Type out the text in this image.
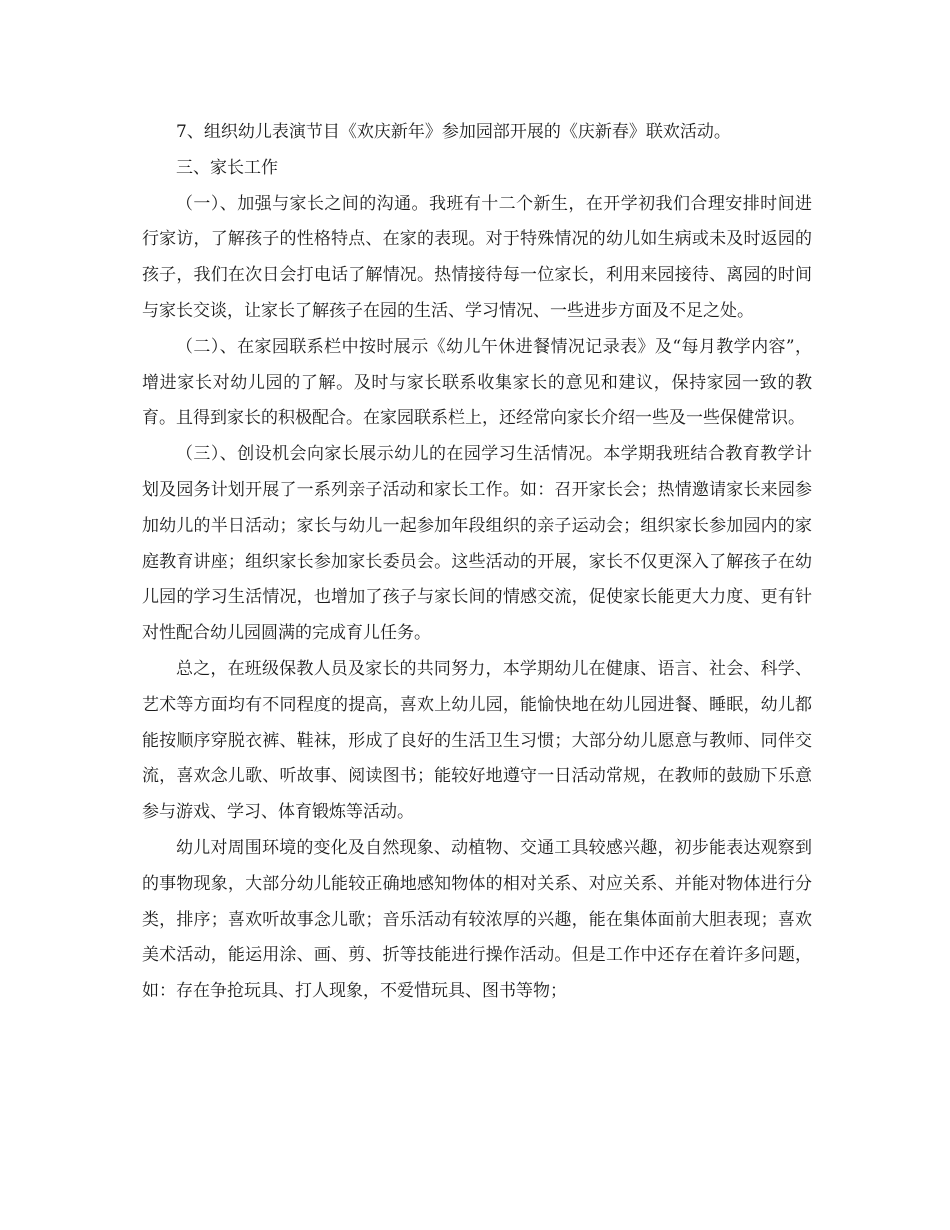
7、组织幼儿表演节目《欢庆新年》参加园部开展的《庆新春》联欢活动。

三、家长工作

（一）、加强与家长之间的沟通。我班有十二个新生，在开学初我们合理安排时间进行家访，了解孩子的性格特点、在家的表现。对于特殊情况的幼儿如生病或未及时返园的孩子，我们在次日会打电话了解情况。热情接待每一位家长，利用来园接待、离园的时间与家长交谈，让家长了解孩子在园的生活、学习情况、一些进步方面及不足之处。

（二）、在家园联系栏中按时展示《幼儿午休进餐情况记录表》及“每月教学内容”，增进家长对幼儿园的了解。及时与家长联系收集家长的意见和建议，保持家园一致的教育。且得到家长的积极配合。在家园联系栏上，还经常向家长介绍一些及一些保健常识。

（三）、创设机会向家长展示幼儿的在园学习生活情况。本学期我班结合教育教学计划及园务计划开展了一系列亲子活动和家长工作。如：召开家长会；热情邀请家长来园参加幼儿的半日活动；家长与幼儿一起参加年段组织的亲子运动会；组织家长参加园内的家庭教育讲座；组织家长参加家长委员会。这些活动的开展，家长不仅更深入了解孩子在幼儿园的学习生活情况，也增加了孩子与家长间的情感交流，促使家长能更大力度、更有针对性配合幼儿园圆满的完成育儿任务。

总之，在班级保教人员及家长的共同努力，本学期幼儿在健康、语言、社会、科学、艺术等方面均有不同程度的提高，喜欢上幼儿园，能愉快地在幼儿园进餐、睡眠，幼儿都能按顺序穿脱衣裤、鞋袜，形成了良好的生活卫生习惯；大部分幼儿愿意与教师、同伴交流，喜欢念儿歌、听故事、阅读图书；能较好地遵守一日活动常规，在教师的鼓励下乐意参与游戏、学习、体育锻炼等活动。

幼儿对周围环境的变化及自然现象、动植物、交通工具较感兴趣，初步能表达观察到的事物现象，大部分幼儿能较正确地感知物体的相对关系、对应关系、并能对物体进行分类，排序；喜欢听故事念儿歌；音乐活动有较浓厚的兴趣，能在集体面前大胆表现；喜欢美术活动，能运用涂、画、剪、折等技能进行操作活动。但是工作中还存在着许多问题，如：存在争抢玩具、打人现象，不爱惜玩具、图书等物；
